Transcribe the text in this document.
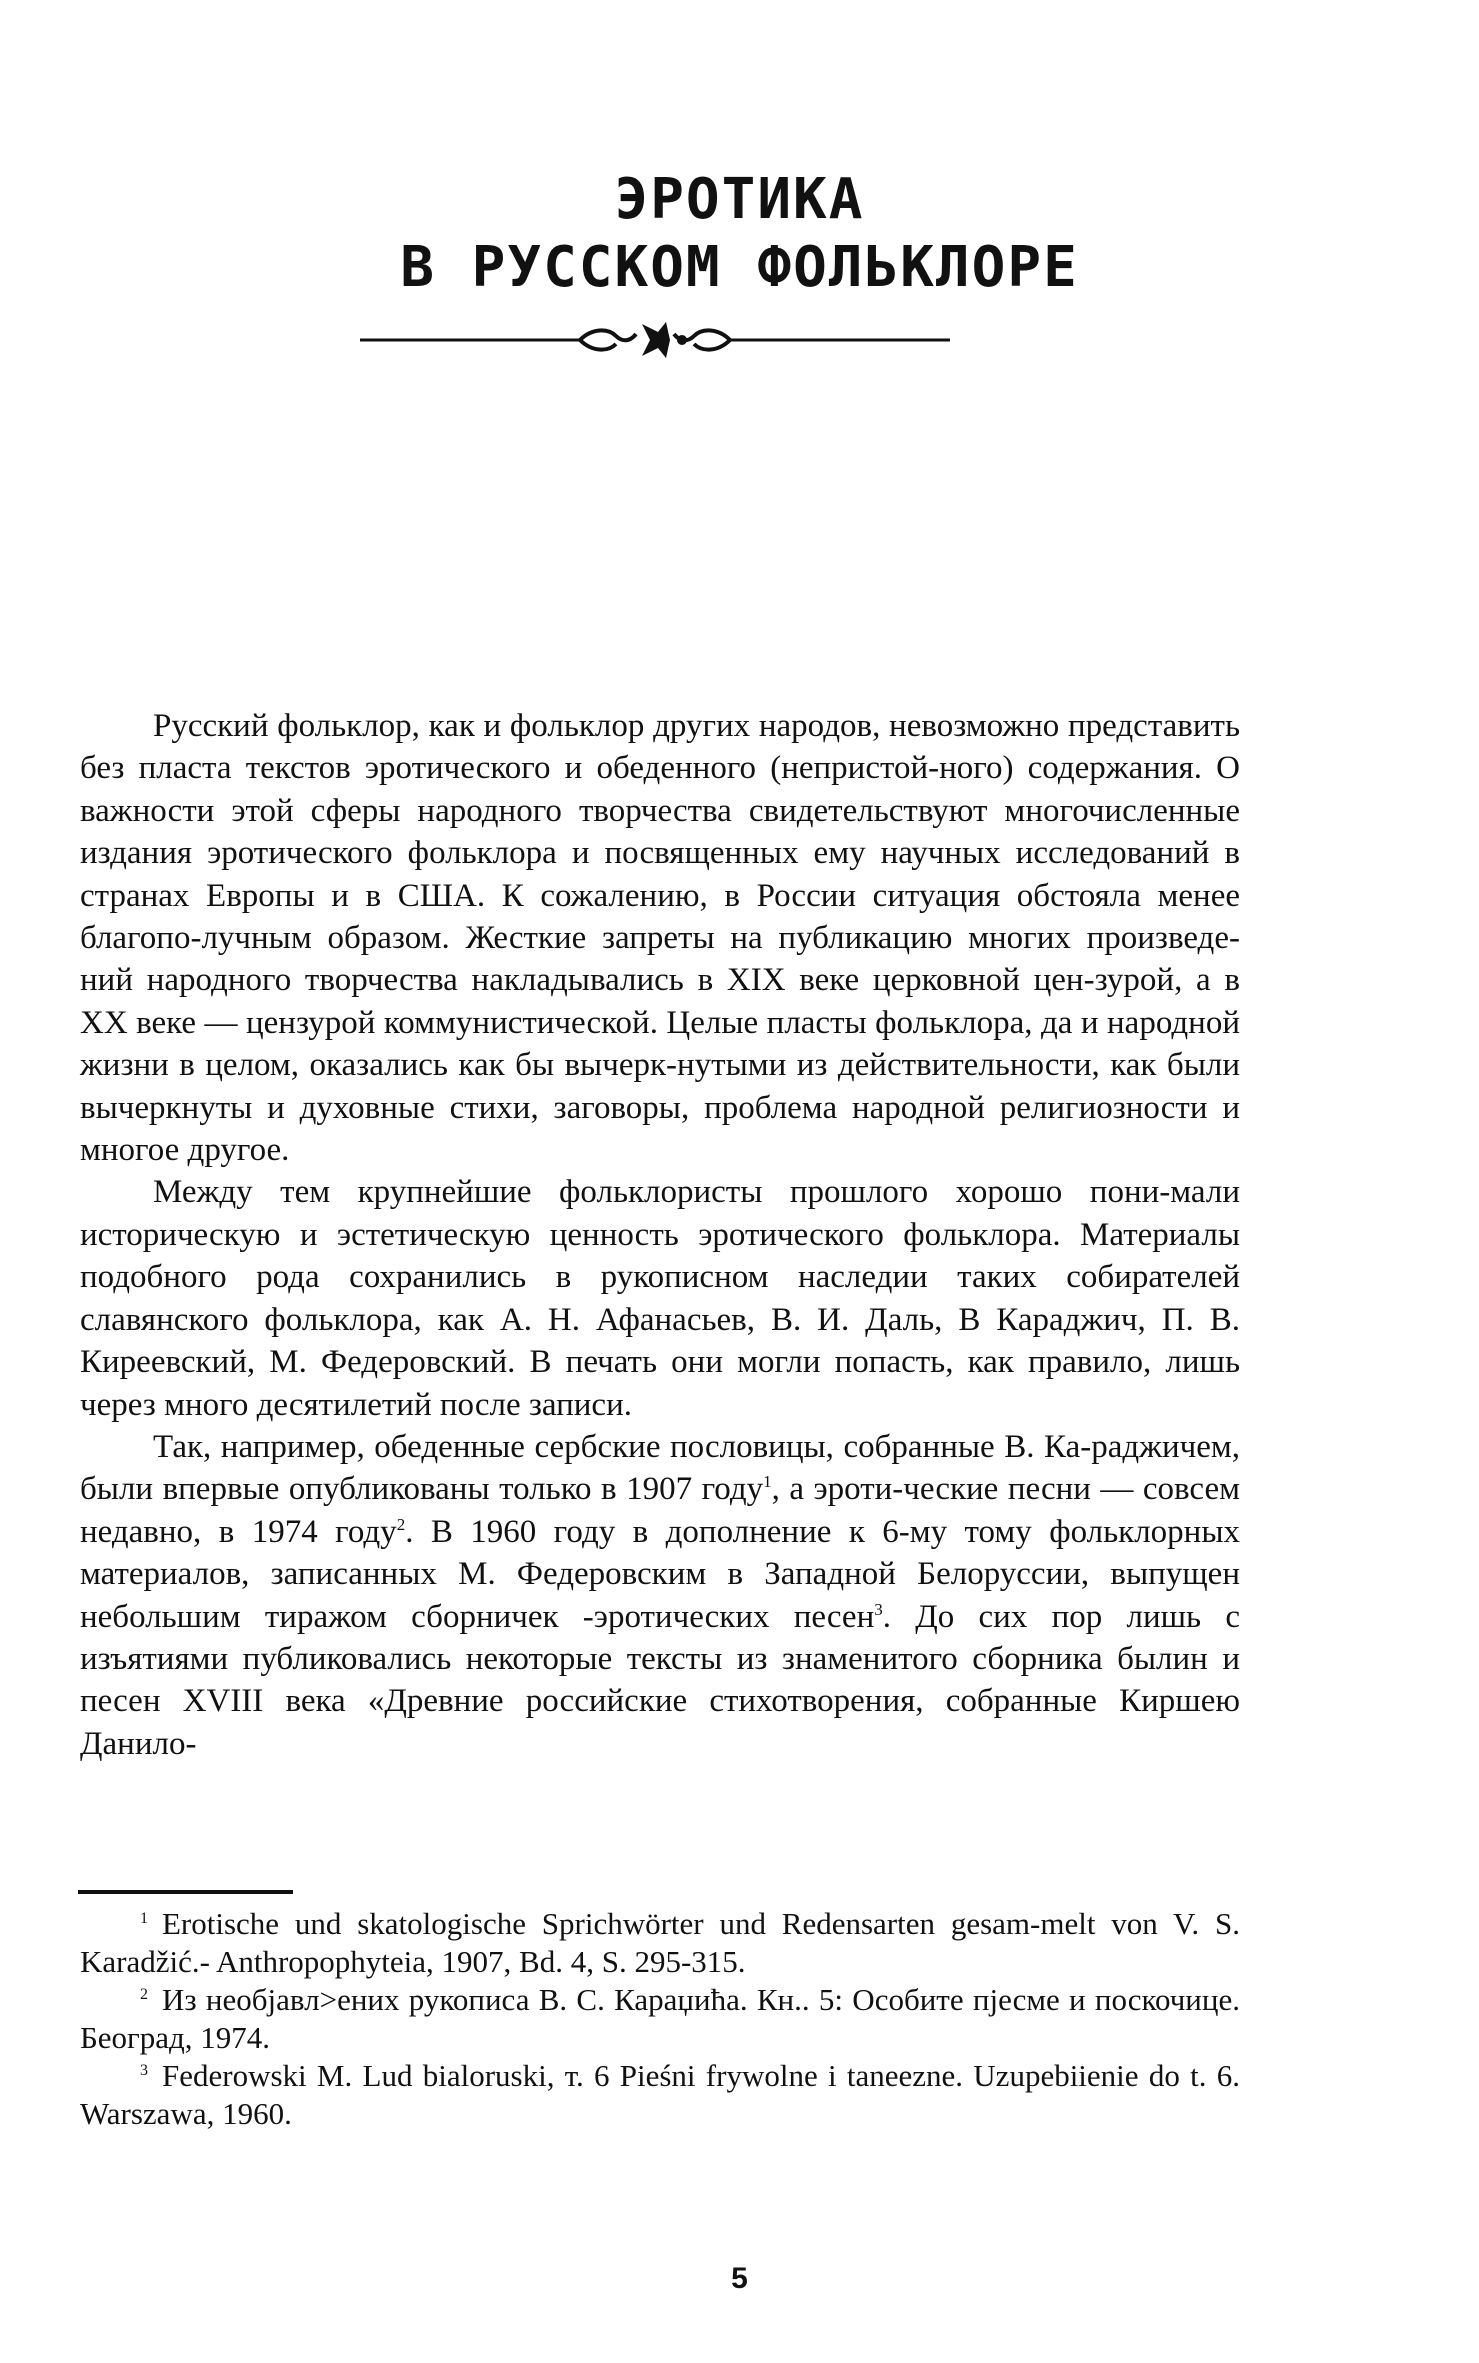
ЭРОТИКА
В РУССКОМ ФОЛЬКЛОРЕ

Русский фольклор, как и фольклор других народов, невозможно представить без пласта текстов эротического и обеденного (непристой-ного) содержания. О важности этой сферы народного творчества свидетельствуют многочисленные издания эротического фольклора и посвященных ему научных исследований в странах Европы и в США. К сожалению, в России ситуация обстояла менее благопо-лучным образом. Жесткие запреты на публикацию многих произведе-ний народного творчества накладывались в XIX веке церковной цен-зурой, а в XX веке — цензурой коммунистической. Целые пласты фольклора, да и народной жизни в целом, оказались как бы вычерк-нутыми из действительности, как были вычеркнуты и духовные стихи, заговоры, проблема народной религиозности и многое другое.

Между тем крупнейшие фольклористы прошлого хорошо пони-мали историческую и эстетическую ценность эротического фольклора. Материалы подобного рода сохранились в рукописном наследии таких собирателей славянского фольклора, как А. Н. Афанасьев, В. И. Даль, В Караджич, П. В. Киреевский, М. Федеровский. В печать они могли попасть, как правило, лишь через много десятилетий после записи.

Так, например, обеденные сербские пословицы, собранные В. Ка-раджичем, были впервые опубликованы только в 1907 году$^1$, а эроти-ческие песни — совсем недавно, в 1974 году$^2$. В 1960 году в дополнение к 6-му тому фольклорных материалов, записанных М. Федеровским в Западной Белоруссии, выпущен небольшим тиражом сборничек -эротических песен$^3$. До сих пор лишь с изъятиями публиковались некоторые тексты из знаменитого сборника былин и песен XVIII века «Древние российские стихотворения, собранные Киршею Данило-

$^1$ Erotische und skatologische Sprichwörter und Redensarten gesam-melt von V. S. Karadžić.- Anthropophyteia, 1907, Bd. 4, S. 295-315.

$^2$ Из необјавл>ених рукописа В. С. Караџића. Кн.. 5: Особите пјесме и поскочице. Београд, 1974.

$^3$ Federowski M. Lud bialoruski, т. 6 Pieśni frywolne i taneezne. Uzupebiienie do t. 6. Warszawa, 1960.

5
